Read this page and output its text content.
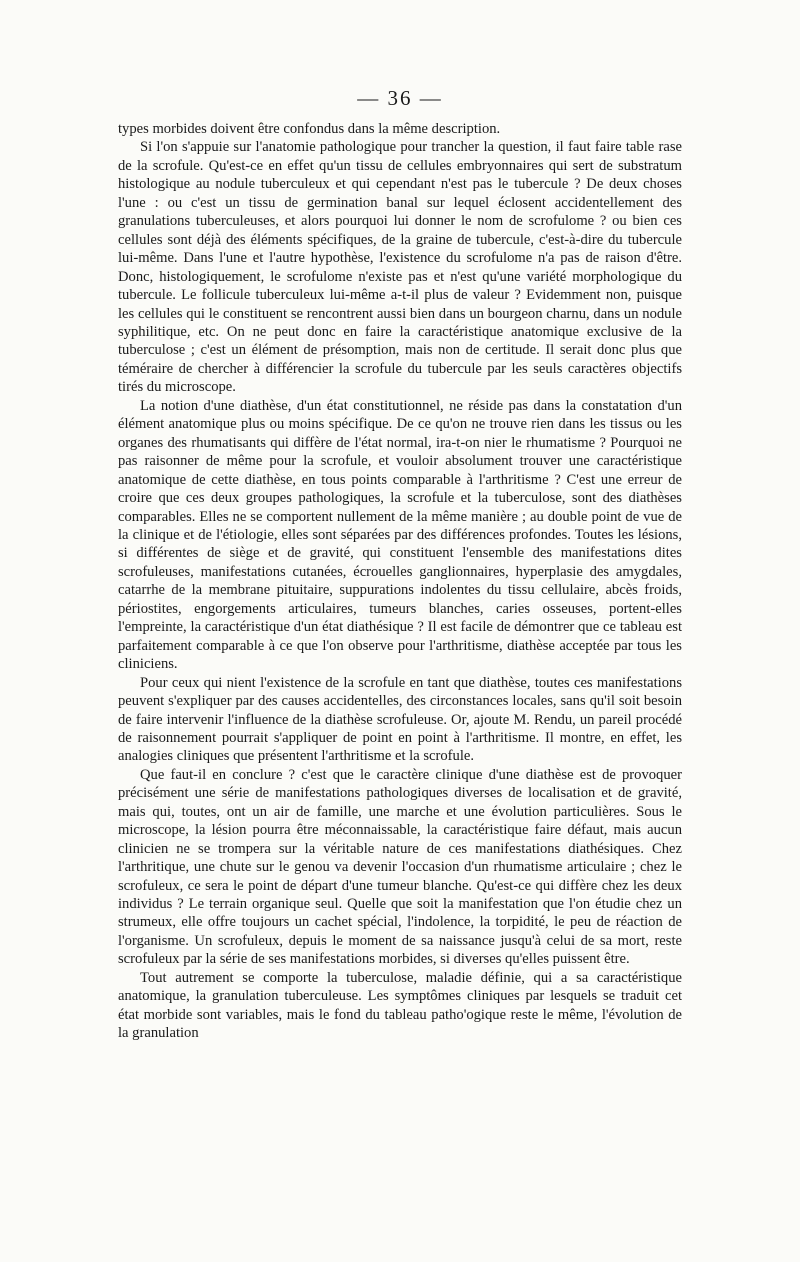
— 36 —

types morbides doivent être confondus dans la même description.

Si l'on s'appuie sur l'anatomie pathologique pour trancher la question, il faut faire table rase de la scrofule. Qu'est-ce en effet qu'un tissu de cellules embryonnaires qui sert de substratum histologique au nodule tuberculeux et qui cependant n'est pas le tubercule ? De deux choses l'une : ou c'est un tissu de germination banal sur lequel éclosent accidentellement des granulations tuberculeuses, et alors pourquoi lui donner le nom de scrofulome ? ou bien ces cellules sont déjà des éléments spécifiques, de la graine de tubercule, c'est-à-dire du tubercule lui-même. Dans l'une et l'autre hypothèse, l'existence du scrofulome n'a pas de raison d'être. Donc, histologiquement, le scrofulome n'existe pas et n'est qu'une variété morphologique du tubercule. Le follicule tuberculeux lui-même a-t-il plus de valeur ? Evidemment non, puisque les cellules qui le constituent se rencontrent aussi bien dans un bourgeon charnu, dans un nodule syphilitique, etc. On ne peut donc en faire la caractéristique anatomique exclusive de la tuberculose ; c'est un élément de présomption, mais non de certitude. Il serait donc plus que téméraire de chercher à différencier la scrofule du tubercule par les seuls caractères objectifs tirés du microscope.

La notion d'une diathèse, d'un état constitutionnel, ne réside pas dans la constatation d'un élément anatomique plus ou moins spécifique. De ce qu'on ne trouve rien dans les tissus ou les organes des rhumatisants qui diffère de l'état normal, ira-t-on nier le rhumatisme ? Pourquoi ne pas raisonner de même pour la scrofule, et vouloir absolument trouver une caractéristique anatomique de cette diathèse, en tous points comparable à l'arthritisme ? C'est une erreur de croire que ces deux groupes pathologiques, la scrofule et la tuberculose, sont des diathèses comparables. Elles ne se comportent nullement de la même manière ; au double point de vue de la clinique et de l'étiologie, elles sont séparées par des différences profondes. Toutes les lésions, si différentes de siège et de gravité, qui constituent l'ensemble des manifestations dites scrofuleuses, manifestations cutanées, écrouelles ganglionnaires, hyperplasie des amygdales, catarrhe de la membrane pituitaire, suppurations indolentes du tissu cellulaire, abcès froids, périostites, engorgements articulaires, tumeurs blanches, caries osseuses, portent-elles l'empreinte, la caractéristique d'un état diathésique ? Il est facile de démontrer que ce tableau est parfaitement comparable à ce que l'on observe pour l'arthritisme, diathèse acceptée par tous les cliniciens.

Pour ceux qui nient l'existence de la scrofule en tant que diathèse, toutes ces manifestations peuvent s'expliquer par des causes accidentelles, des circonstances locales, sans qu'il soit besoin de faire intervenir l'influence de la diathèse scrofuleuse. Or, ajoute M. Rendu, un pareil procédé de raisonnement pourrait s'appliquer de point en point à l'arthritisme. Il montre, en effet, les analogies cliniques que présentent l'arthritisme et la scrofule.

Que faut-il en conclure ? c'est que le caractère clinique d'une diathèse est de provoquer précisément une série de manifestations pathologiques diverses de localisation et de gravité, mais qui, toutes, ont un air de famille, une marche et une évolution particulières. Sous le microscope, la lésion pourra être méconnaissable, la caractéristique faire défaut, mais aucun clinicien ne se trompera sur la véritable nature de ces manifestations diathésiques. Chez l'arthritique, une chute sur le genou va devenir l'occasion d'un rhumatisme articulaire ; chez le scrofuleux, ce sera le point de départ d'une tumeur blanche. Qu'est-ce qui diffère chez les deux individus ? Le terrain organique seul. Quelle que soit la manifestation que l'on étudie chez un strumeux, elle offre toujours un cachet spécial, l'indolence, la torpidité, le peu de réaction de l'organisme. Un scrofuleux, depuis le moment de sa naissance jusqu'à celui de sa mort, reste scrofuleux par la série de ses manifestations morbides, si diverses qu'elles puissent être.

Tout autrement se comporte la tuberculose, maladie définie, qui a sa caractéristique anatomique, la granulation tuberculeuse. Les symptômes cliniques par lesquels se traduit cet état morbide sont variables, mais le fond du tableau patho'ogique reste le même, l'évolution de la granulation
